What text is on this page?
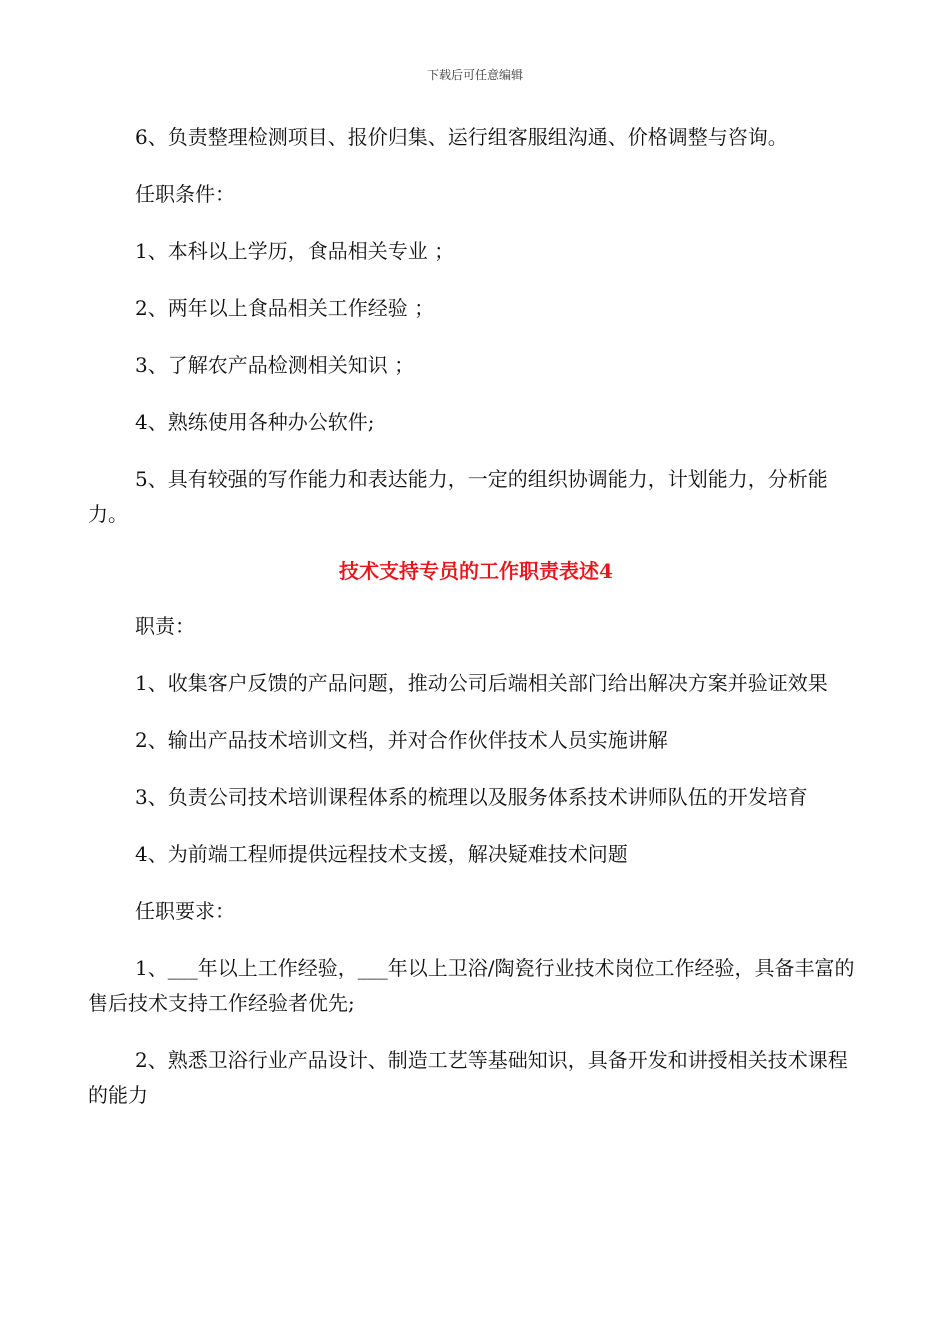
下载后可任意编辑

6、负责整理检测项目、报价归集、运行组客服组沟通、价格调整与咨询。

任职条件：

1、本科以上学历，食品相关专业 ；

2、两年以上食品相关工作经验 ；

3、了解农产品检测相关知识 ；

4、熟练使用各种办公软件;

5、具有较强的写作能力和表达能力，一定的组织协调能力，计划能力，分析能力。

技术支持专员的工作职责表述4

职责：

1、收集客户反馈的产品问题，推动公司后端相关部门给出解决方案并验证效果

2、输出产品技术培训文档，并对合作伙伴技术人员实施讲解

3、负责公司技术培训课程体系的梳理以及服务体系技术讲师队伍的开发培育

4、为前端工程师提供远程技术支援，解决疑难技术问题

任职要求：

1、___年以上工作经验，___年以上卫浴/陶瓷行业技术岗位工作经验，具备丰富的售后技术支持工作经验者优先;

2、熟悉卫浴行业产品设计、制造工艺等基础知识，具备开发和讲授相关技术课程的能力
